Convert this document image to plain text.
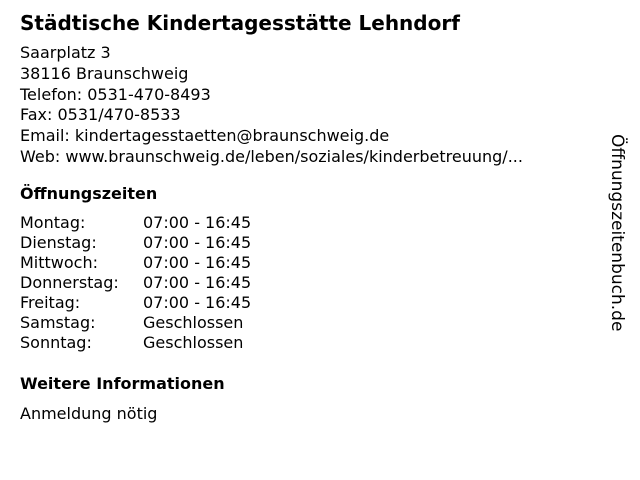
Städtische Kindertagesstätte Lehndorf
Saarplatz 3
38116 Braunschweig
Telefon: 0531-470-8493
Fax: 0531/470-8533
Email: kindertagesstaetten@braunschweig.de
Web: www.braunschweig.de/leben/soziales/kinderbetreuung/...
Öffnungszeiten
Montag:	07:00 - 16:45
Dienstag:	07:00 - 16:45
Mittwoch:	07:00 - 16:45
Donnerstag:	07:00 - 16:45
Freitag:	07:00 - 16:45
Samstag:	Geschlossen
Sonntag:	Geschlossen
Weitere Informationen
Anmeldung nötig
Öffnungszeitenbuch.de
